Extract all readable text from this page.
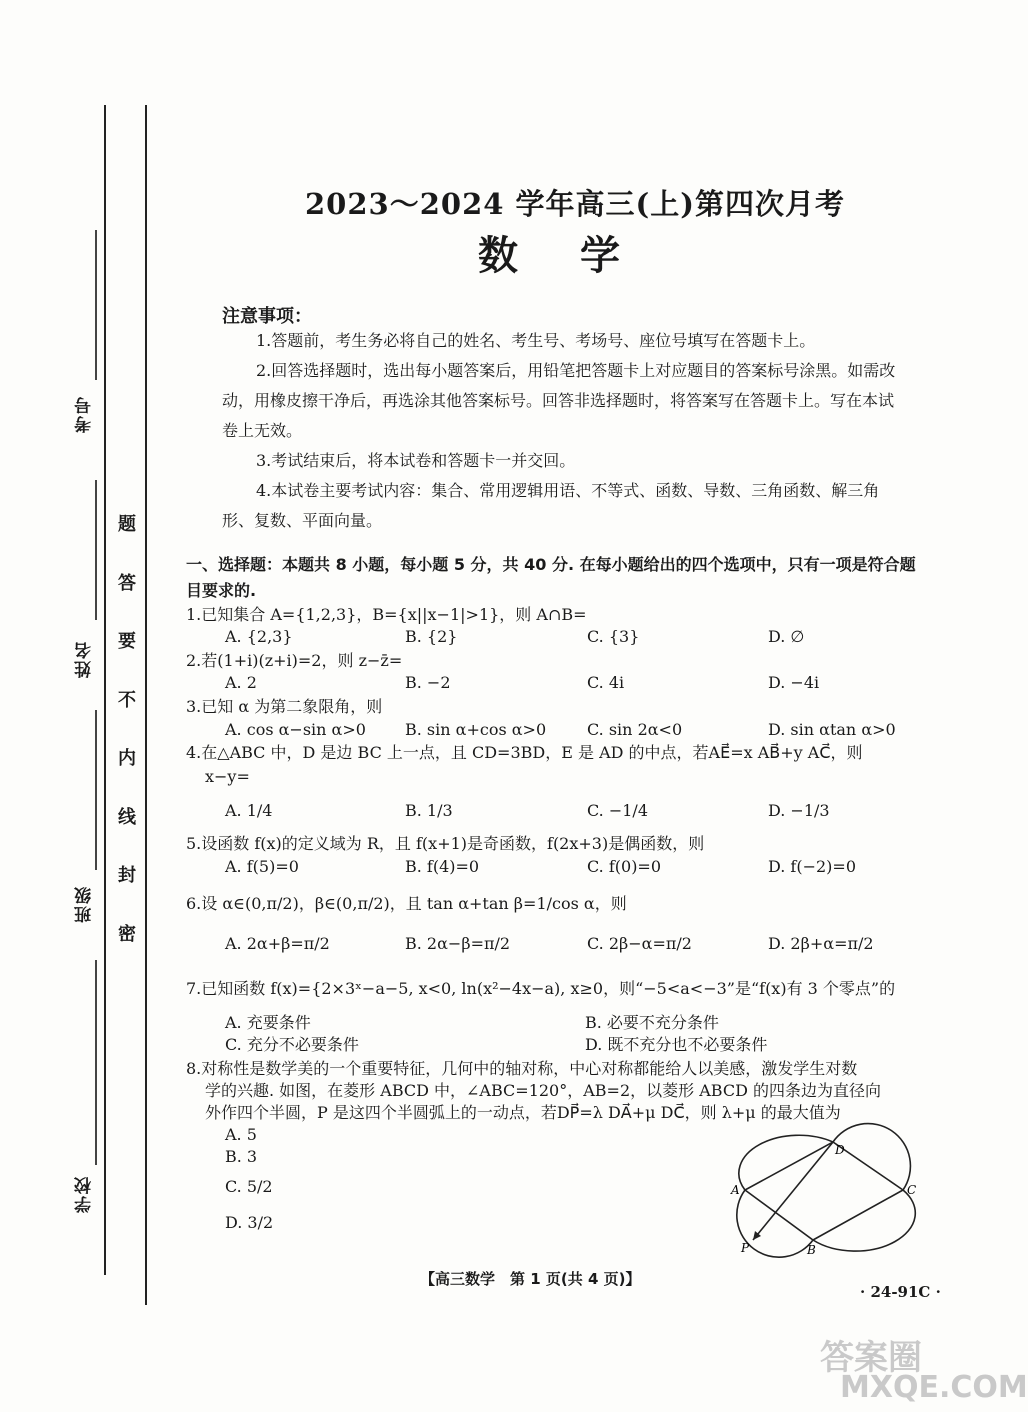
考号
姓名
班级
学校
题
答
要
不
内
线
封
密
2023～2024 学年高三(上)第四次月考
数学
注意事项：

1.答题前，考生务必将自己的姓名、考生号、考场号、座位号填写在答题卡上。

2.回答选择题时，选出每小题答案后，用铅笔把答题卡上对应题目的答案标号涂黑。如需改动，用橡皮擦干净后，再选涂其他答案标号。回答非选择题时，将答案写在答题卡上。写在本试卷上无效。

3.考试结束后，将本试卷和答题卡一并交回。

4.本试卷主要考试内容：集合、常用逻辑用语、不等式、函数、导数、三角函数、解三角形、复数、平面向量。

一、选择题：本题共 8 小题，每小题 5 分，共 40 分. 在每小题给出的四个选项中，只有一项是符合题目要求的.
1.已知集合 A={1,2,3}，B={x||x−1|>1}，则 A∩B=
A. {2,3}	B. {2}	C. {3}	D. ∅
2.若(1+i)(z+i)=2，则 z−z̄=
A. 2	B. −2	C. 4i	D. −4i
3.已知 α 为第二象限角，则
A. cos α−sin α>0 B. sin α+cos α>0	C. sin 2α<0	D. sin αtan α>0
4.在△ABC 中，D 是边 BC 上一点，且 CD=3BD，E 是 AD 的中点，若AE⃗=x AB⃗+y AC⃗，则
x−y=
A. 1/4	B. 1/3	C. −1/4	D. −1/3
5.设函数 f(x)的定义域为 R，且 f(x+1)是奇函数，f(2x+3)是偶函数，则
A. f(5)=0	B. f(4)=0	C. f(0)=0	D. f(−2)=0
6.设 α∈(0,π/2)，β∈(0,π/2)，且 tan α+tan β=1/cos α，则
A. 2α+β=π/2	B. 2α−β=π/2	C. 2β−α=π/2	D. 2β+α=π/2
7.已知函数 f(x)={2×3ˣ−a−5, x<0, ln(x²−4x−a), x≥0，则“−5<a<−3”是“f(x)有 3 个零点”的
A. 充要条件	B. 必要不充分条件
C. 充分不必要条件	D. 既不充分也不必要条件
8.对称性是数学美的一个重要特征，几何中的轴对称，中心对称都能给人以美感，激发学生对数
学的兴趣. 如图，在菱形 ABCD 中，∠ABC=120°，AB=2，以菱形 ABCD 的四条边为直径向
外作四个半圆，P 是这四个半圆弧上的一动点，若DP⃗=λ DA⃗+μ DC⃗，则 λ+μ 的最大值为
A. 5
B. 3
C. 5/2
D. 3/2
A
B
C
D
P
【高三数学　第 1 页(共 4 页)】
· 24-91C ·
答案圈
MXQE.COM
